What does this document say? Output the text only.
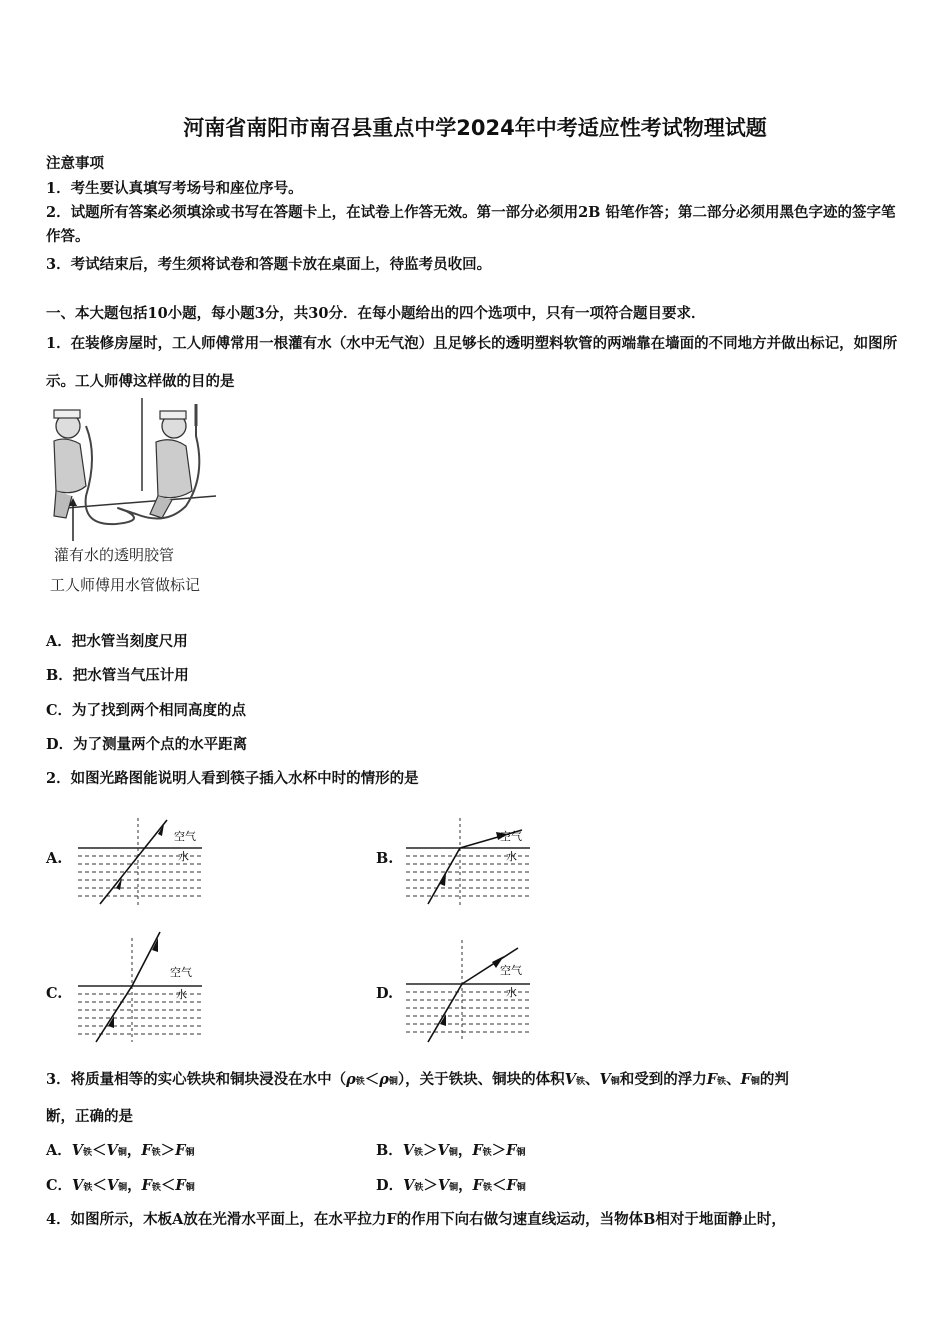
河南省南阳市南召县重点中学2024年中考适应性考试物理试题
注意事项
1．考生要认真填写考场号和座位序号。
2．试题所有答案必须填涂或书写在答题卡上，在试卷上作答无效。第一部分必须用2B 铅笔作答；第二部分必须用黑色字迹的签字笔作答。
3．考试结束后，考生须将试卷和答题卡放在桌面上，待监考员收回。
一、本大题包括10小题，每小题3分，共30分．在每小题给出的四个选项中，只有一项符合题目要求．
1．在装修房屋时，工人师傅常用一根灌有水（水中无气泡）且足够长的透明塑料软管的两端靠在墙面的不同地方并做出标记，如图所示。工人师傅这样做的目的是
灌有水的透明胶管
工人师傅用水管做标记
A．把水管当刻度尺用
B．把水管当气压计用
C．为了找到两个相同高度的点
D．为了测量两个点的水平距离
2．如图光路图能说明人看到筷子插入水杯中时的情形的是
A.
空气
水	B.
空气
水
C.
空气
水	D.
空气
水
3．将质量相等的实心铁块和铜块浸没在水中（ρ铁＜ρ铜），关于铁块、铜块的体积V铁、V铜和受到的浮力F铁、F铜的判
断，正确的是
A．V铁＜V铜，F铁＞F铜	B．V铁＞V铜，F铁＞F铜
C．V铁＜V铜，F铁＜F铜	D．V铁＞V铜，F铁＜F铜
4．如图所示，木板A放在光滑水平面上，在水平拉力F的作用下向右做匀速直线运动，当物体B相对于地面静止时，
